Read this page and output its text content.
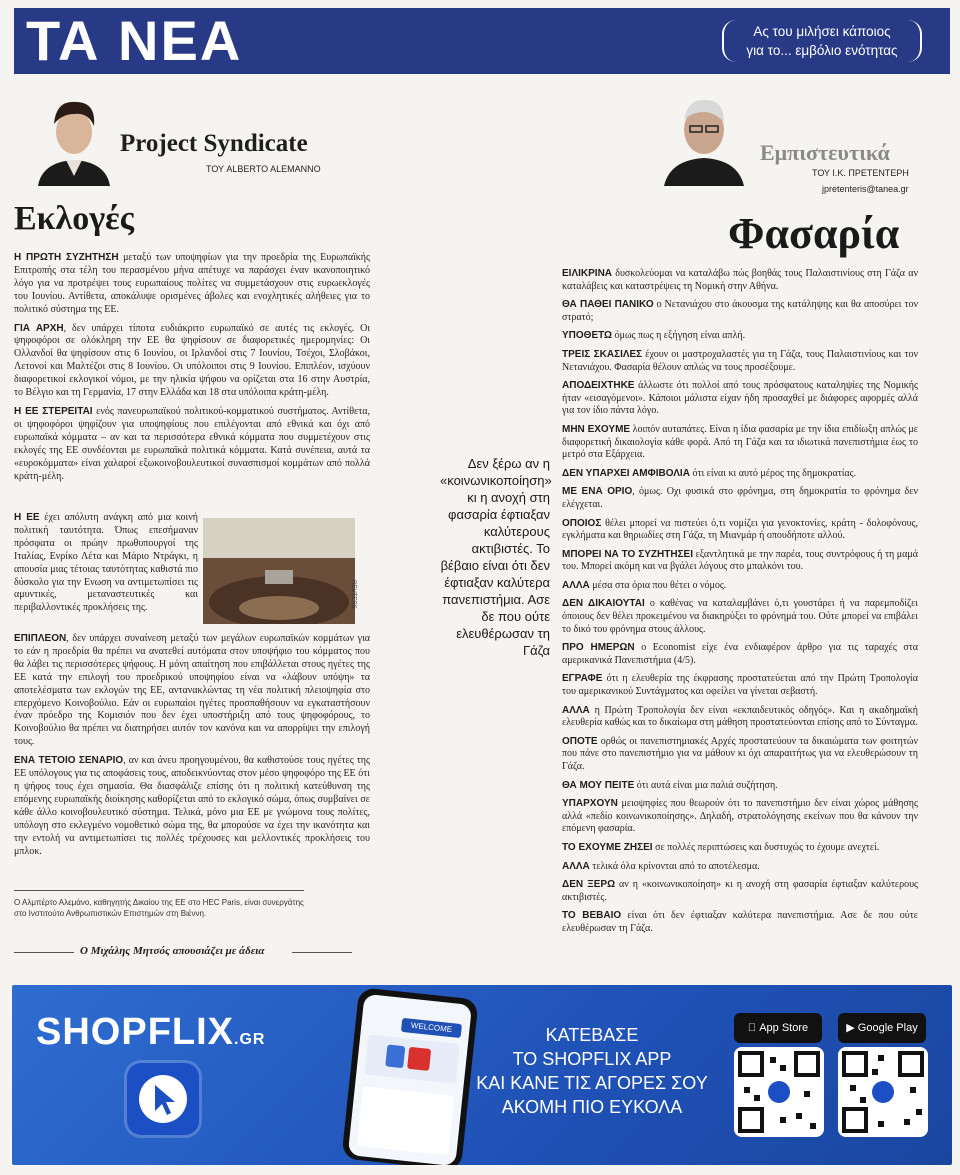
ΤΑ ΝΕΑ	Ας του μιλήσει κάποιος
για το... εμβόλιο ενότητας
Project Syndicate
ΤΟΥ ALBERTO ALEMANNO
Εκλογές

Η ΠΡΩΤΗ ΣΥΖΗΤΗΣΗ μεταξύ των υποψηφίων για την προεδρία της Ευρωπαϊκής Επιτροπής στα τέλη του περασμένου μήνα απέτυχε να παράσχει έναν ικανοποιητικό λόγο για να προτρέψει τους ευρωπαίους πολίτες να συμμετάσχουν στις ευρωεκλογές του Ιουνίου. Αντίθετα, αποκάλυψε ορισμένες άβολες και ενοχλητικές αλήθειες για το πολιτικό σύστημα της ΕΕ.

ΓΙΑ ΑΡΧΗ, δεν υπάρχει τίποτα ευδιάκριτο ευρωπαϊκό σε αυτές τις εκλογές. Οι ψηφοφόροι σε ολόκληρη την ΕΕ θα ψηφίσουν σε διαφορετικές ημερομηνίες: Οι Ολλανδοί θα ψηφίσουν στις 6 Ιουνίου, οι Ιρλανδοί στις 7 Ιουνίου, Τσέχοι, Σλοβάκοι, Λετονοί και Μαλτέζοι στις 8 Ιουνίου. Οι υπόλοιποι στις 9 Ιουνίου. Επιπλέον, ισχύουν διαφορετικοί εκλογικοί νόμοι, με την ηλικία ψήφου να ορίζεται στα 16 στην Αυστρία, το Βέλγιο και τη Γερμανία, 17 στην Ελλάδα και 18 στα υπόλοιπα κράτη-μέλη.

Η ΕΕ ΣΤΕΡΕΙΤΑΙ ενός πανευρωπαϊκού πολιτικού-κομματικού συστήματος. Αντίθετα, οι ψηφοφόροι ψηφίζουν για υποψηφίους που επιλέγονται από εθνικά και όχι από ευρωπαϊκά κόμματα – αν και τα περισσότερα εθνικά κόμματα που συμμετέχουν στις εκλογές της ΕΕ συνδέονται με ευρωπαϊκά πολιτικά κόμματα. Κατά συνέπεια, αυτά τα «ευροκόμματα» είναι χαλαροί εξωκοινοβουλευτικοί συνασπισμοί κομμάτων από πολλά κράτη-μέλη.

Η ΕΕ έχει απόλυτη ανάγκη από μια κοινή πολιτική ταυτότητα. Όπως επεσήμαναν πρόσφατα οι πρώην πρωθυπουργοί της Ιταλίας, Ενρίκο Λέτα και Μάριο Ντράγκι, η απουσία μιας τέτοιας ταυτότητας καθιστά πιο δύσκολο για την Ενωση να αντιμετωπίσει τις αμυντικές, μεταναστευτικές και περιβαλλοντικές προκλήσεις της.	REUTERS

ΕΠΙΠΛΕΟΝ, δεν υπάρχει συναίνεση μεταξύ των μεγάλων ευρωπαϊκών κομμάτων για το εάν η προεδρία θα πρέπει να ανατεθεί αυτόματα στον υποψήφιο του κόμματος που θα λάβει τις περισσότερες ψήφους. Η μόνη απαίτηση που επιβάλλεται στους ηγέτες της ΕΕ κατά την επιλογή του προεδρικού υποψηφίου είναι να «λάβουν υπόψη» τα αποτελέσματα των εκλογών της ΕΕ, αντανακλώντας τη νέα πολιτική πλειοψηφία στο επερχόμενο Κοινοβούλιο. Εάν οι ευρωπαίοι ηγέτες προσπαθήσουν να εγκαταστήσουν έναν πρόεδρο της Κομισιόν που δεν έχει υποστήριξη από τους ψηφοφόρους, το Κοινοβούλιο θα πρέπει να διατηρήσει αυτόν τον κανόνα και να απορρίψει την επιλογή τους.

ΕΝΑ ΤΕΤΟΙΟ ΣΕΝΑΡΙΟ, αν και άνευ προηγουμένου, θα καθιστούσε τους ηγέτες της ΕΕ υπόλογους για τις αποφάσεις τους, αποδεικνύοντας στον μέσο ψηφοφόρο της ΕΕ ότι η ψήφος τους έχει σημασία. Θα διασφάλιζε επίσης ότι η πολιτική κατεύθυνση της επόμενης ευρωπαϊκής διοίκησης καθορίζεται από το εκλογικό σώμα, όπως συμβαίνει σε κάθε άλλο κοινοβουλευτικό σύστημα. Τελικά, μόνο μια ΕΕ με γνώμονα τους πολίτες, υπόλογη στο εκλεγμένο νομοθετικό σώμα της, θα μπορούσε να έχει την ικανότητα και την εντολή να αντιμετωπίσει τις πολλές τρέχουσες και μελλοντικές προκλήσεις του μπλοκ.

Ο Αλμπέρτο Αλεμάνο, καθηγητής Δικαίου της ΕΕ στο HEC Paris, είναι συνεργάτης στο Ινστιτούτο Ανθρωπιστικών Επιστημών στη Βιέννη.
Ο Μιχάλης Μητσός απουσιάζει με άδεια
Δεν ξέρω αν η «κοινωνικοποίηση» κι η ανοχή στη φασαρία έφτιαξαν καλύτερους ακτιβιστές. Το βέβαιο είναι ότι δεν έφτιαξαν καλύτερα πανεπιστήμια. Ασε δε που ούτε ελευθέρωσαν τη Γάζα
Εμπιστευτικά
ΤΟΥ Ι.Κ. ΠΡΕΤΕΝΤΕΡΗ
jpretenteris@tanea.gr
Φασαρία

ΕΙΛΙΚΡΙΝΑ δυσκολεύομαι να καταλάβω πώς βοηθάς τους Παλαιστινίους στη Γάζα αν καταλάβεις και καταστρέψεις τη Νομική στην Αθήνα.

ΘΑ ΠΑΘΕΙ ΠΑΝΙΚΟ ο Νετανιάχου στο άκουσμα της κατάληψης και θα αποσύρει τον στρατό;

ΥΠΟΘΕΤΩ όμως πως η εξήγηση είναι απλή.

ΤΡΕΙΣ ΣΚΑΣΙΛΕΣ έχουν οι μαστροχαλαστές για τη Γάζα, τους Παλαιστινίους και τον Νετανιάχου. Φασαρία θέλουν απλώς να τους προσέξουμε.

ΑΠΟΔΕΙΧΤΗΚΕ άλλωστε ότι πολλοί από τους πρόσφατους καταληψίες της Νομικής ήταν «εισαγόμενοι». Κάποιοι μάλιστα είχαν ήδη προσαχθεί με διάφορες αφορμές αλλά για τον ίδιο πάντα λόγο.

ΜΗΝ ΕΧΟΥΜΕ λοιπόν αυταπάτες. Είναι η ίδια φασαρία με την ίδια επιδίωξη απλώς με διαφορετική δικαιολογία κάθε φορά. Από τη Γάζα και τα ιδιωτικά πανεπιστήμια έως το μετρό στα Εξάρχεια.

ΔΕΝ ΥΠΑΡΧΕΙ ΑΜΦΙΒΟΛΙΑ ότι είναι κι αυτό μέρος της δημοκρατίας.

ΜΕ ΕΝΑ ΟΡΙΟ, όμως. Οχι φυσικά στο φρόνημα, στη δημοκρατία το φρόνημα δεν ελέγχεται.

ΟΠΟΙΟΣ θέλει μπορεί να πιστεύει ό,τι νομίζει για γενοκτονίες, κράτη - δολοφόνους, εγκλήματα και θηριωδίες στη Γάζα, τη Μιανμάρ ή οπουδήποτε αλλού.

ΜΠΟΡΕΙ ΝΑ ΤΟ ΣΥΖΗΤΗΣΕΙ εξαντλητικά με την παρέα, τους συντρόφους ή τη μαμά του. Μπορεί ακόμη και να βγάλει λόγους στο μπαλκόνι του.

ΑΛΛΑ μέσα στα όρια που θέτει ο νόμος.

ΔΕΝ ΔΙΚΑΙΟΥΤΑΙ ο καθένας να καταλαμβάνει ό,τι γουστάρει ή να παρεμποδίζει όποιους δεν θέλει προκειμένου να διακηρύξει το φρόνημά του. Ούτε μπορεί να επιβάλει το δικό του φρόνημα στους άλλους.

ΠΡΟ ΗΜΕΡΩΝ ο Economist είχε ένα ενδιαφέρον άρθρο για τις ταραχές στα αμερικανικά Πανεπιστήμια (4/5).

ΕΓΡΑΦΕ ότι η ελευθερία της έκφρασης προστατεύεται από την Πρώτη Τροπολογία του αμερικανικού Συντάγματος και οφείλει να γίνεται σεβαστή.

ΑΛΛΑ η Πρώτη Τροπολογία δεν είναι «εκπαιδευτικός οδηγός». Και η ακαδημαϊκή ελευθερία καθώς και το δικαίωμα στη μάθηση προστατεύονται επίσης από το Σύνταγμα.

ΟΠΟΤΕ ορθώς οι πανεπιστημιακές Αρχές προστατεύουν τα δικαιώματα των φοιτητών που πάνε στο πανεπιστήμιο για να μάθουν κι όχι απαραιτήτως για να ελευθερώσουν τη Γάζα.

ΘΑ ΜΟΥ ΠΕΙΤΕ ότι αυτά είναι μια παλιά συζήτηση.

ΥΠΑΡΧΟΥΝ μειοψηφίες που θεωρούν ότι το πανεπιστήμιο δεν είναι χώρος μάθησης αλλά «πεδίο κοινωνικοποίησης». Δηλαδή, στρατολόγησης εκείνων που θα κάνουν την επόμενη φασαρία.

ΤΟ ΕΧΟΥΜΕ ΖΗΣΕΙ σε πολλές περιπτώσεις και δυστυχώς το έχουμε ανεχτεί.

ΑΛΛΑ τελικά όλα κρίνονται από το αποτέλεσμα.

ΔΕΝ ΞΕΡΩ αν η «κοινωνικοποίηση» κι η ανοχή στη φασαρία έφτιαξαν καλύτερους ακτιβιστές.

ΤΟ ΒΕΒΑΙΟ είναι ότι δεν έφτιαξαν καλύτερα πανεπιστήμια. Ασε δε που ούτε ελευθέρωσαν τη Γάζα.

SHOPFLIX.GR
WELCOME	ΚΑΤΕΒΑΣΕ
ΤΟ SHOPFLIX APP
ΚΑΙ ΚΑΝΕ ΤΙΣ ΑΓΟΡΕΣ ΣΟΥ
ΑΚΟΜΗ ΠΙΟ ΕΥΚΟΛΑ
App Store	▶ Google Play
